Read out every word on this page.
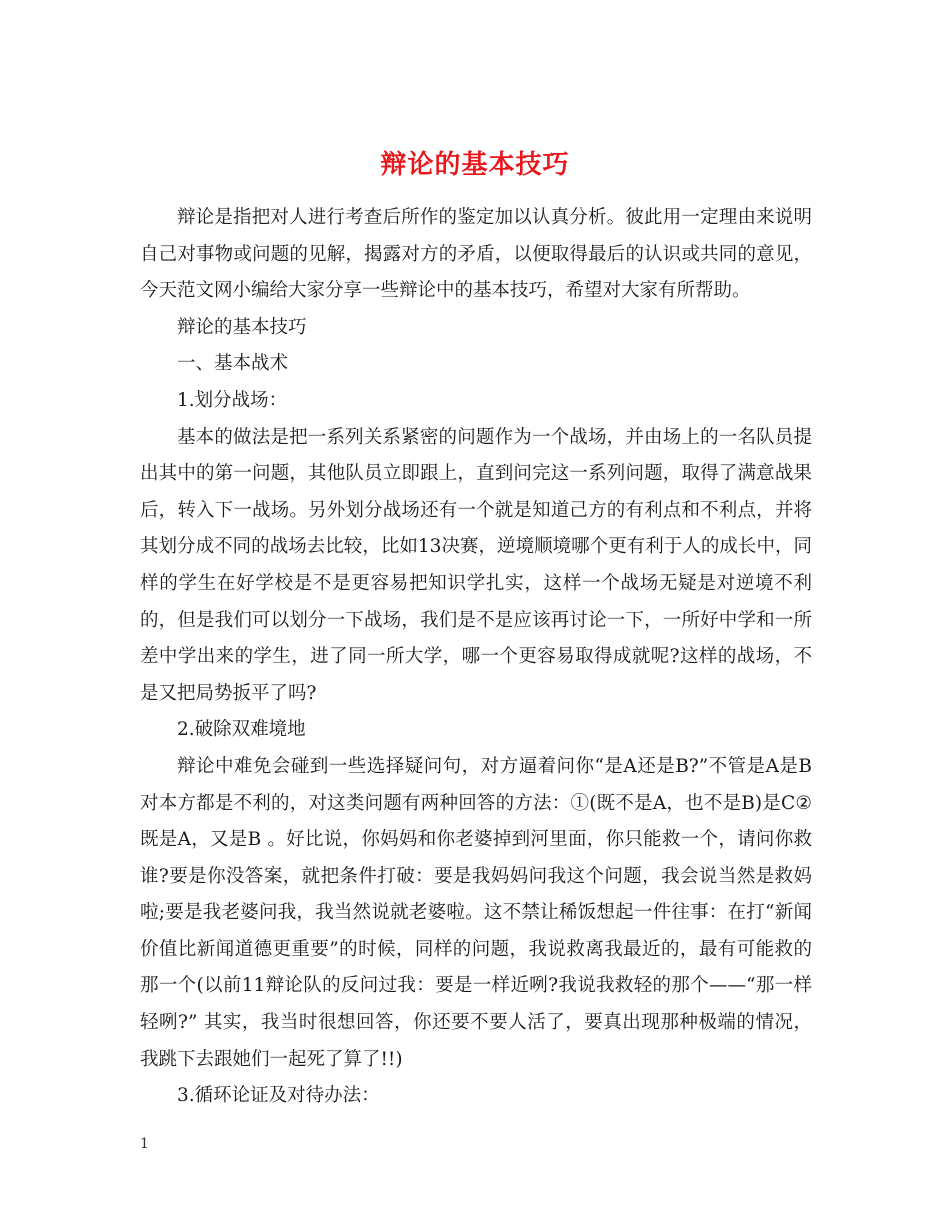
辩论的基本技巧

辩论是指把对人进行考查后所作的鉴定加以认真分析。彼此用一定理由来说明自己对事物或问题的见解，揭露对方的矛盾，以便取得最后的认识或共同的意见，今天范文网小编给大家分享一些辩论中的基本技巧，希望对大家有所帮助。

辩论的基本技巧

一、基本战术

1.划分战场：

基本的做法是把一系列关系紧密的问题作为一个战场，并由场上的一名队员提出其中的第一问题，其他队员立即跟上，直到问完这一系列问题，取得了满意战果后，转入下一战场。另外划分战场还有一个就是知道己方的有利点和不利点，并将其划分成不同的战场去比较，比如13决赛，逆境顺境哪个更有利于人的成长中，同样的学生在好学校是不是更容易把知识学扎实，这样一个战场无疑是对逆境不利的，但是我们可以划分一下战场，我们是不是应该再讨论一下，一所好中学和一所差中学出来的学生，进了同一所大学，哪一个更容易取得成就呢?这样的战场，不是又把局势扳平了吗?

2.破除双难境地

辩论中难免会碰到一些选择疑问句，对方逼着问你“是A还是B?”不管是A是B对本方都是不利的，对这类问题有两种回答的方法：①(既不是A，也不是B)是C② 既是A，又是B 。好比说，你妈妈和你老婆掉到河里面，你只能救一个，请问你救谁?要是你没答案，就把条件打破：要是我妈妈问我这个问题，我会说当然是救妈啦;要是我老婆问我，我当然说就老婆啦。这不禁让稀饭想起一件往事：在打“新闻价值比新闻道德更重要”的时候，同样的问题，我说救离我最近的，最有可能救的那一个(以前11辩论队的反问过我：要是一样近咧?我说我救轻的那个——“那一样轻咧?” 其实，我当时很想回答，你还要不要人活了，要真出现那种极端的情况，我跳下去跟她们一起死了算了!!)

3.循环论证及对待办法：

1
